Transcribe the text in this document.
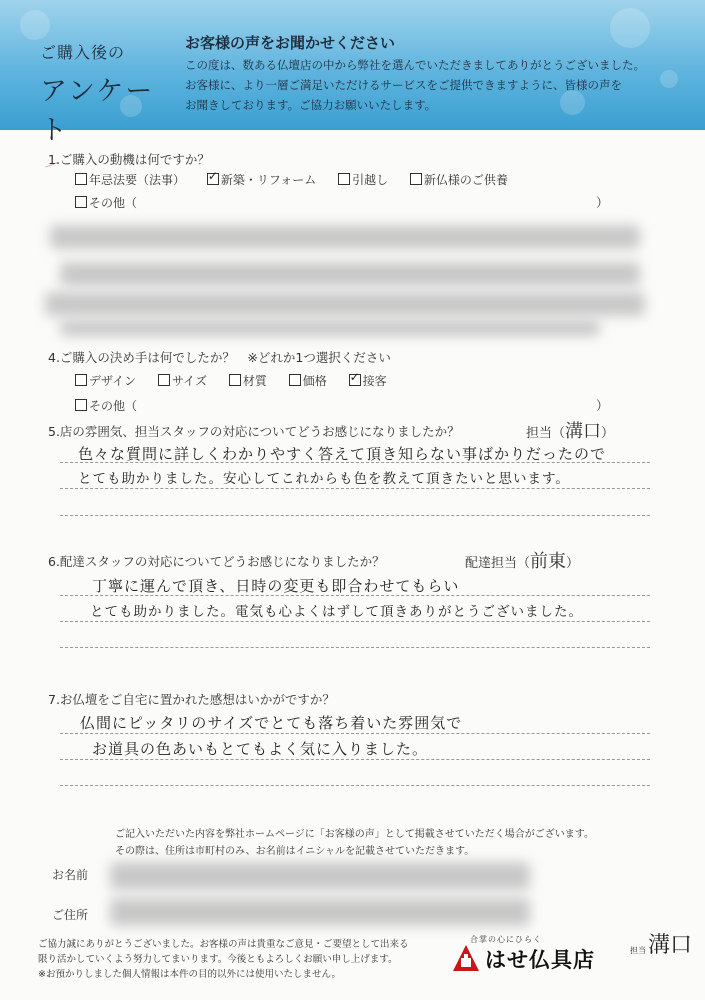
ご購入後の
アンケート
お客様の声をお聞かせください
この度は、数ある仏壇店の中から弊社を選んでいただきましてありがとうございました。
お客様に、より一層ご満足いただけるサービスをご提供できますように、皆様の声を
お聞きしております。ご協力お願いいたします。
1.ご購入の動機は何ですか？
年忌法要（法事） ✓	新築・リフォーム	引越し	新仏様のご供養
その他（	）
4.ご購入の決め手は何でしたか？　※どれか1つ選択ください
デザイン	サイズ	材質	価格 ✓	接客
その他（	）
5.店の雰囲気、担当スタッフの対応についてどうお感じになりましたか？	担当（溝口）
色々な質問に詳しくわかりやすく答えて頂き知らない事ばかりだったので
とても助かりました。安心してこれからも色を教えて頂きたいと思います。
6.配達スタッフの対応についてどうお感じになりましたか？	配達担当（前東）
丁寧に運んで頂き、日時の変更も即合わせてもらい
とても助かりました。電気も心よくはずして頂きありがとうございました。
7.お仏壇をご自宅に置かれた感想はいかがですか？
仏間にピッタリのサイズでとても落ち着いた雰囲気で
お道具の色あいもとてもよく気に入りました。
ご記入いただいた内容を弊社ホームページに「お客様の声」として掲載させていただく場合がございます。
その際は、住所は市町村のみ、お名前はイニシャルを記載させていただきます。
お名前
ご住所
ご協力誠にありがとうございました。お客様の声は貴重なご意見・ご要望として出来る
限り活かしていくよう努力してまいります。今後ともよろしくお願い申し上げます。
※お預かりしました個人情報は本件の目的以外には使用いたしません。
合掌の心にひらく
はせ仏具店	担当 溝口
